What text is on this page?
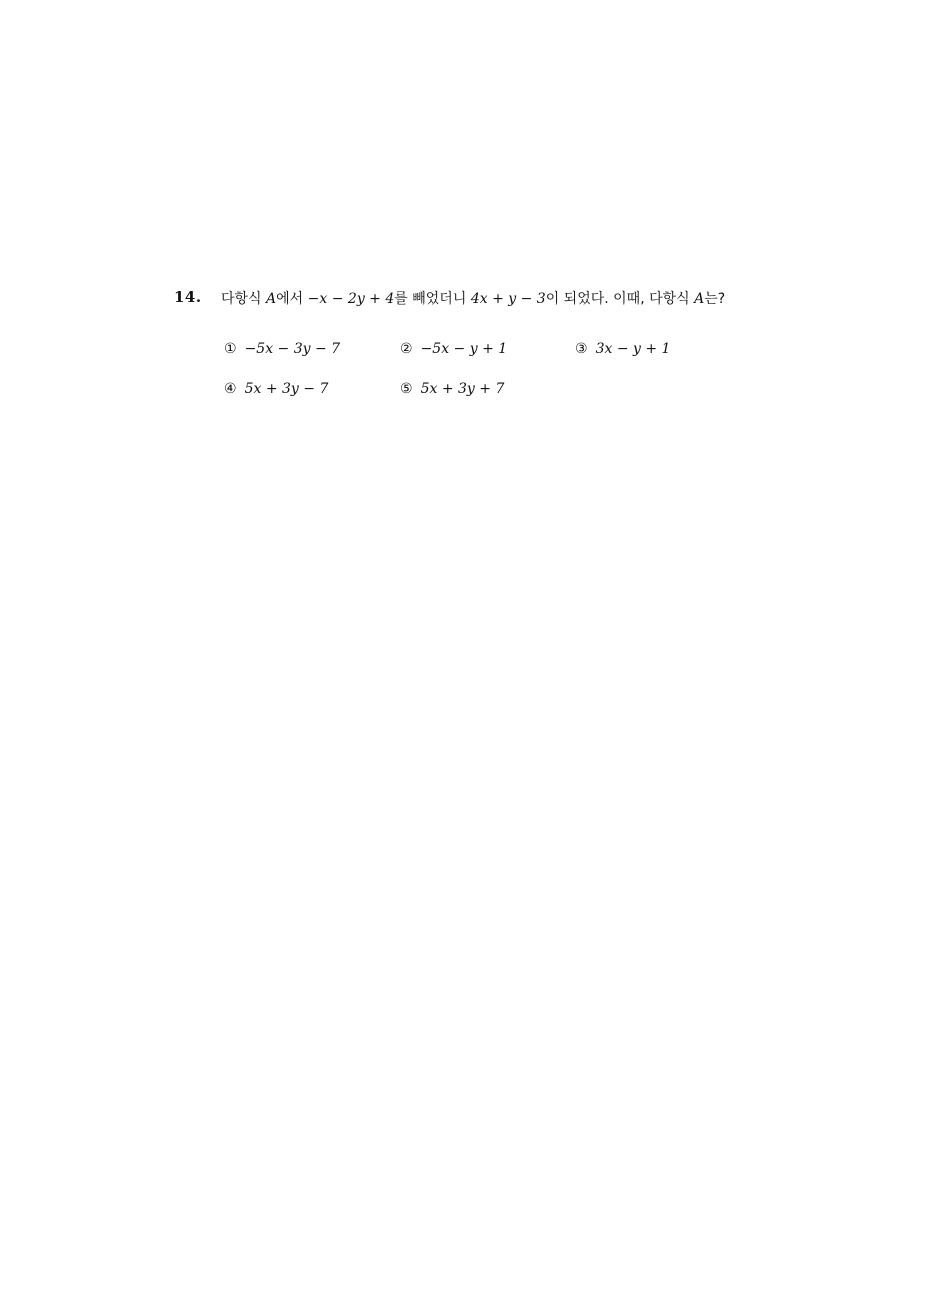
14. 다항식 A에서 −x − 2y + 4를 빼었더니 4x + y − 3이 되었다. 이때, 다항식 A는?
① −5x − 3y − 7	② −5x − y + 1	③ 3x − y + 1
④ 5x + 3y − 7	⑤ 5x + 3y + 7
